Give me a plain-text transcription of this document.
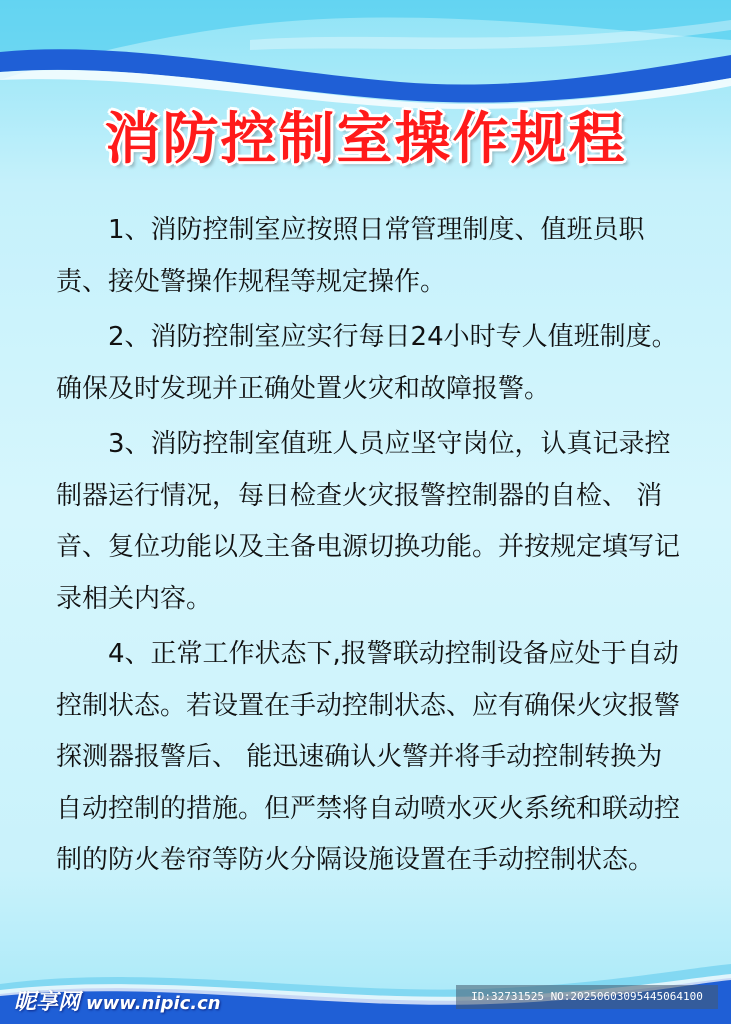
消防控制室操作规程

1、消防控制室应按照日常管理制度、值班员职责、接处警操作规程等规定操作。

2、消防控制室应实行每日24小时专人值班制度。确保及时发现并正确处置火灾和故障报警。

3、消防控制室值班人员应坚守岗位，认真记录控制器运行情况，每日检查火灾报警控制器的自检、 消音、复位功能以及主备电源切换功能。并按规定填写记录相关内容。

4、正常工作状态下,报警联动控制设备应处于自动控制状态。若设置在手动控制状态、应有确保火灾报警探测器报警后、 能迅速确认火警并将手动控制转换为自动控制的措施。但严禁将自动喷水灭火系统和联动控制的防火卷帘等防火分隔设施设置在手动控制状态。

昵享网 www.nipic.cn	ID:32731525 NO:20250603095445064100
